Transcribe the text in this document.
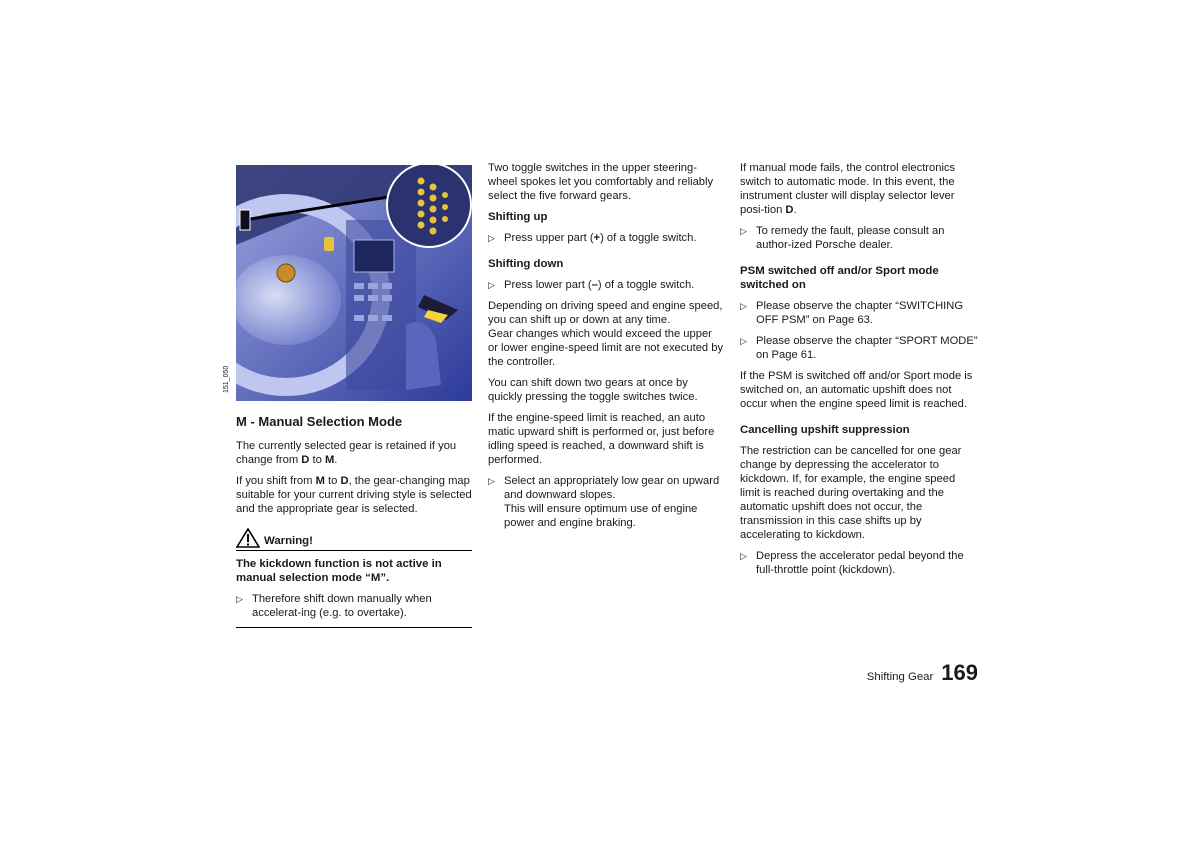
151_050
M - Manual Selection Mode

The currently selected gear is retained if you change from D to M.

If you shift from M to D, the gear-changing map suitable for your current driving style is selected and the appropriate gear is selected.

Warning!

The kickdown function is not active in manual selection mode “M”.

▷ Therefore shift down manually when accelerat-ing (e.g. to overtake).

Two toggle switches in the upper steering-wheel spokes let you comfortably and reliably select the five forward gears.

Shifting up

▷ Press upper part (+) of a toggle switch.

Shifting down

▷ Press lower part (–) of a toggle switch.

Depending on driving speed and engine speed, you can shift up or down at any time.

Gear changes which would exceed the upper or lower engine-speed limit are not executed by the controller.

You can shift down two gears at once by quickly pressing the toggle switches twice.

If the engine-speed limit is reached, an auto matic upward shift is performed or, just before idling speed is reached, a downward shift is performed.

▷ Select an appropriately low gear on upward and downward slopes.
This will ensure optimum use of engine power and engine braking.

If manual mode fails, the control electronics switch to automatic mode. In this event, the instrument cluster will display selector lever posi-tion D.

▷ To remedy the fault, please consult an author-ized Porsche dealer.

PSM switched off and/or Sport mode switched on

▷ Please observe the chapter “SWITCHING OFF PSM” on Page 63.
▷ Please observe the chapter “SPORT MODE” on Page 61.

If the PSM is switched off and/or Sport mode is switched on, an automatic upshift does not occur when the engine speed limit is reached.

Cancelling upshift suppression

The restriction can be cancelled for one gear change by depressing the accelerator to kickdown. If, for example, the engine speed limit is reached during overtaking and the automatic upshift does not occur, the transmission in this case shifts up by accelerating to kickdown.

▷ Depress the accelerator pedal beyond the full-throttle point (kickdown).
Shifting Gear 169
